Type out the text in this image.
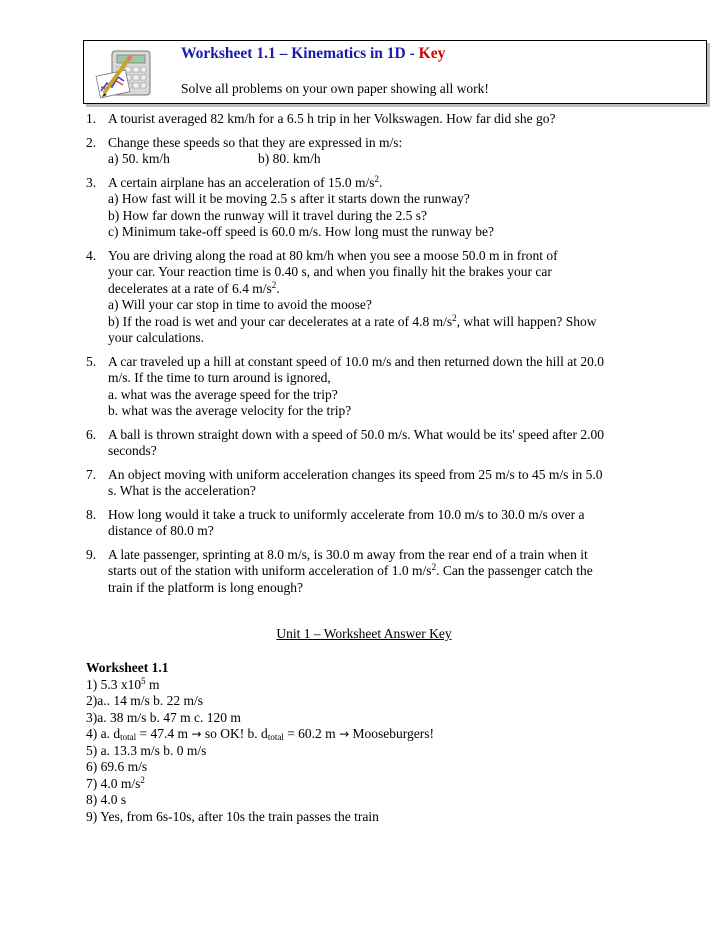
Worksheet 1.1 – Kinematics in 1D - Key
Solve all problems on your own paper showing all work!
1. A tourist averaged 82 km/h for a 6.5 h trip in her Volkswagen. How far did she go?
2. Change these speeds so that they are expressed in m/s:
a) 50. km/h	b) 80. km/h
3. A certain airplane has an acceleration of 15.0 $m/s^2$.
a) How fast will it be moving 2.5 s after it starts down the runway?
b) How far down the runway will it travel during the 2.5 s?
c) Minimum take-off speed is 60.0 m/s. How long must the runway be?
4. You are driving along the road at 80 km/h when you see a moose 50.0 m in front of
your car. Your reaction time is 0.40 s, and when you finally hit the brakes your car
decelerates at a rate of 6.4 $m/s^2$.
a) Will your car stop in time to avoid the moose?
b) If the road is wet and your car decelerates at a rate of 4.8 $m/s^2$, what will happen? Show
your calculations.
5. A car traveled up a hill at constant speed of 10.0 m/s and then returned down the hill at 20.0
m/s. If the time to turn around is ignored,
a. what was the average speed for the trip?
b. what was the average velocity for the trip?
6. A ball is thrown straight down with a speed of 50.0 m/s. What would be its' speed after 2.00
seconds?
7. An object moving with uniform acceleration changes its speed from 25 m/s to 45 m/s in 5.0
s. What is the acceleration?
8. How long would it take a truck to uniformly accelerate from 10.0 m/s to 30.0 m/s over a
distance of 80.0 m?
9. A late passenger, sprinting at 8.0 m/s, is 30.0 m away from the rear end of a train when it
starts out of the station with uniform acceleration of 1.0 $m/s^2$. Can the passenger catch the
train if the platform is long enough?
Unit 1 – Worksheet Answer Key
Worksheet 1.1
1) 5.3 $x10^5$ m
2)a.. 14 m/s b. 22 m/s
3)a. 38 m/s b. 47 m c. 120 m
4) a. $d_{total} = 47.4$ m → so OK! b. $d_{total} = 60.2$ m → Mooseburgers!
5) a. 13.3 m/s b. 0 m/s
6) 69.6 m/s
7) 4.0 $m/s^2$
8) 4.0 s
9) Yes, from 6s-10s, after 10s the train passes the train
